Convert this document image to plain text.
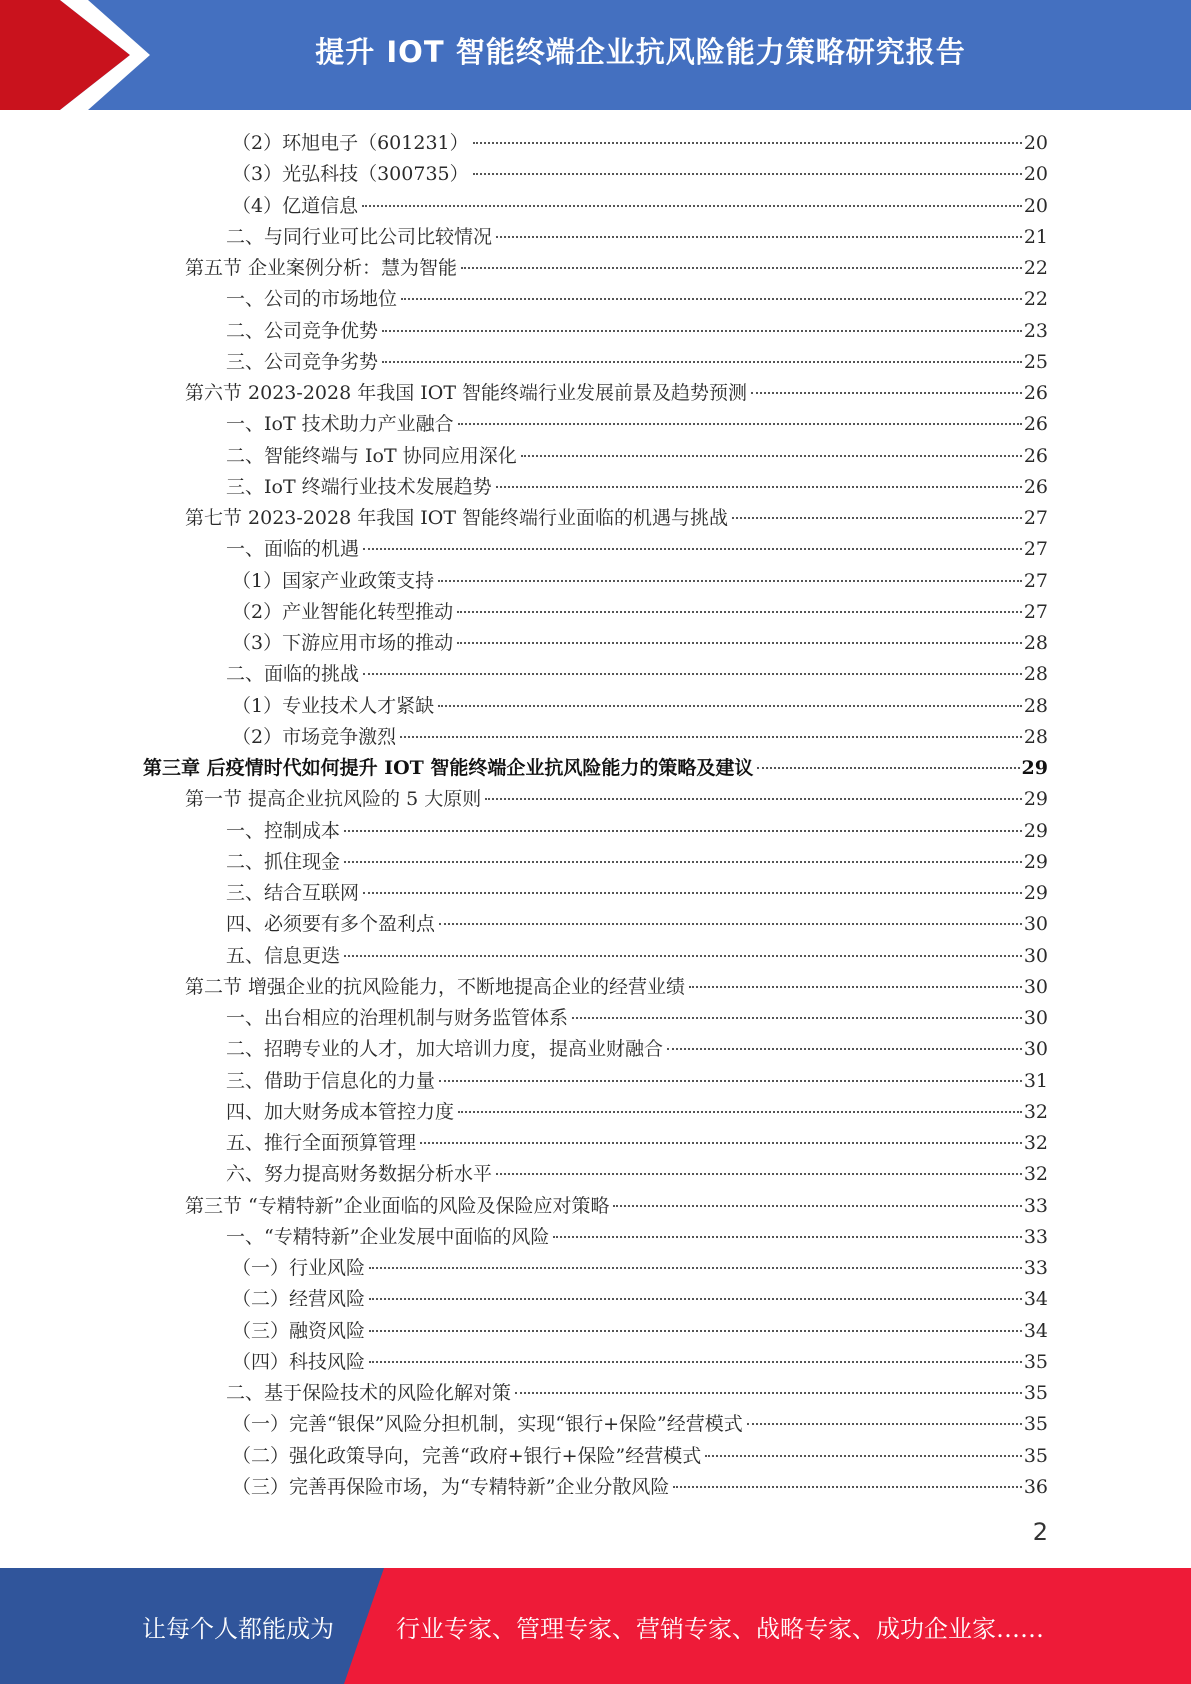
提升 IOT 智能终端企业抗风险能力策略研究报告
（2）环旭电子（601231）	20
（3）光弘科技（300735）	20
（4）亿道信息	20
二、与同行业可比公司比较情况	21
第五节 企业案例分析：慧为智能	22
一、公司的市场地位	22
二、公司竞争优势	23
三、公司竞争劣势	25
第六节 2023-2028 年我国 IOT 智能终端行业发展前景及趋势预测	26
一、IoT 技术助力产业融合	26
二、智能终端与 IoT 协同应用深化	26
三、IoT 终端行业技术发展趋势	26
第七节 2023-2028 年我国 IOT 智能终端行业面临的机遇与挑战	27
一、面临的机遇	27
（1）国家产业政策支持	27
（2）产业智能化转型推动	27
（3）下游应用市场的推动	28
二、面临的挑战	28
（1）专业技术人才紧缺	28
（2）市场竞争激烈	28
第三章 后疫情时代如何提升 IOT 智能终端企业抗风险能力的策略及建议	29
第一节 提高企业抗风险的 5 大原则	29
一、控制成本	29
二、抓住现金	29
三、结合互联网	29
四、必须要有多个盈利点	30
五、信息更迭	30
第二节 增强企业的抗风险能力，不断地提高企业的经营业绩	30
一、出台相应的治理机制与财务监管体系	30
二、招聘专业的人才，加大培训力度，提高业财融合	30
三、借助于信息化的力量	31
四、加大财务成本管控力度	32
五、推行全面预算管理	32
六、努力提高财务数据分析水平	32
第三节 “专精特新”企业面临的风险及保险应对策略	33
一、“专精特新”企业发展中面临的风险	33
（一）行业风险	33
（二）经营风险	34
（三）融资风险	34
（四）科技风险	35
二、基于保险技术的风险化解对策	35
（一）完善“银保”风险分担机制，实现“银行+保险”经营模式	35
（二）强化政策导向，完善“政府+银行+保险”经营模式	35
（三）完善再保险市场，为“专精特新”企业分散风险	36
2
让每个人都能成为	行业专家、管理专家、营销专家、战略专家、成功企业家……
